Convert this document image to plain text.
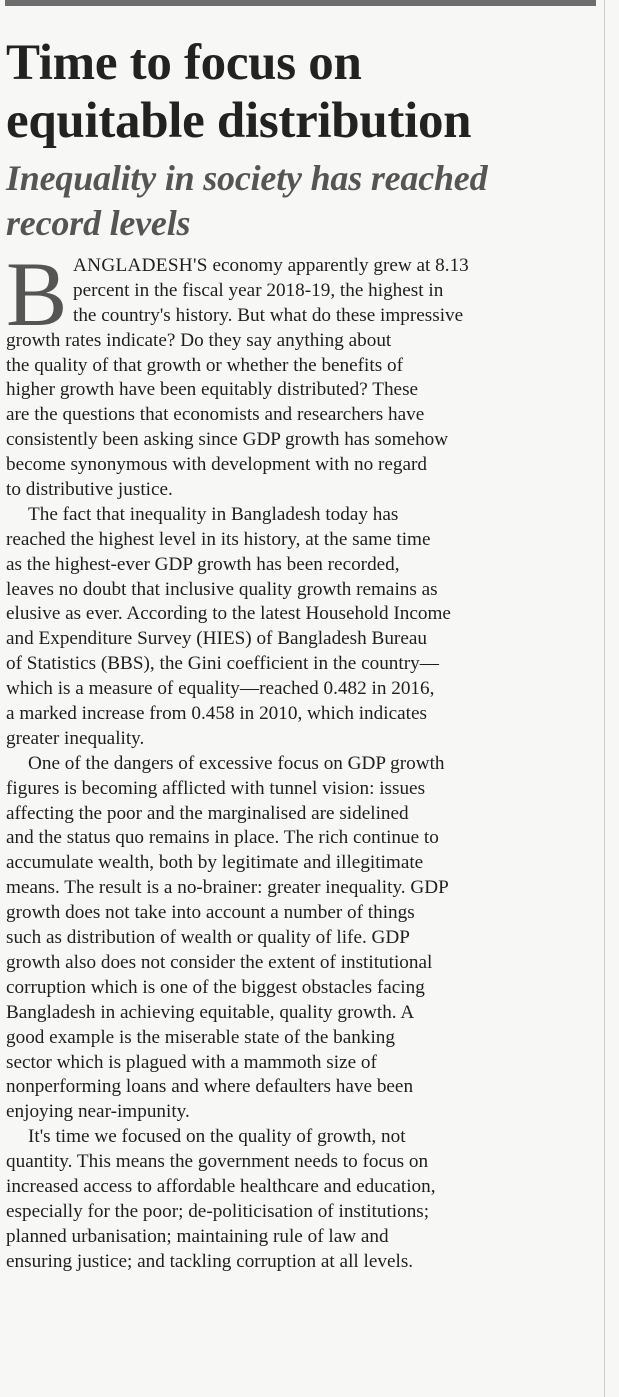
Time to focus on
equitable distribution
Inequality in society has reached
record levels
B ANGLADESH'S economy apparently grew at 8.13
percent in the fiscal year 2018-19, the highest in
the country's history. But what do these impressive
growth rates indicate? Do they say anything about
the quality of that growth or whether the benefits of
higher growth have been equitably distributed? These
are the questions that economists and researchers have
consistently been asking since GDP growth has somehow
become synonymous with development with no regard
to distributive justice.
The fact that inequality in Bangladesh today has
reached the highest level in its history, at the same time
as the highest-ever GDP growth has been recorded,
leaves no doubt that inclusive quality growth remains as
elusive as ever. According to the latest Household Income
and Expenditure Survey (HIES) of Bangladesh Bureau
of Statistics (BBS), the Gini coefficient in the country—
which is a measure of equality—reached 0.482 in 2016,
a marked increase from 0.458 in 2010, which indicates
greater inequality.
One of the dangers of excessive focus on GDP growth
figures is becoming afflicted with tunnel vision: issues
affecting the poor and the marginalised are sidelined
and the status quo remains in place. The rich continue to
accumulate wealth, both by legitimate and illegitimate
means. The result is a no-brainer: greater inequality. GDP
growth does not take into account a number of things
such as distribution of wealth or quality of life. GDP
growth also does not consider the extent of institutional
corruption which is one of the biggest obstacles facing
Bangladesh in achieving equitable, quality growth. A
good example is the miserable state of the banking
sector which is plagued with a mammoth size of
nonperforming loans and where defaulters have been
enjoying near-impunity.
It's time we focused on the quality of growth, not
quantity. This means the government needs to focus on
increased access to affordable healthcare and education,
especially for the poor; de-politicisation of institutions;
planned urbanisation; maintaining rule of law and
ensuring justice; and tackling corruption at all levels.
